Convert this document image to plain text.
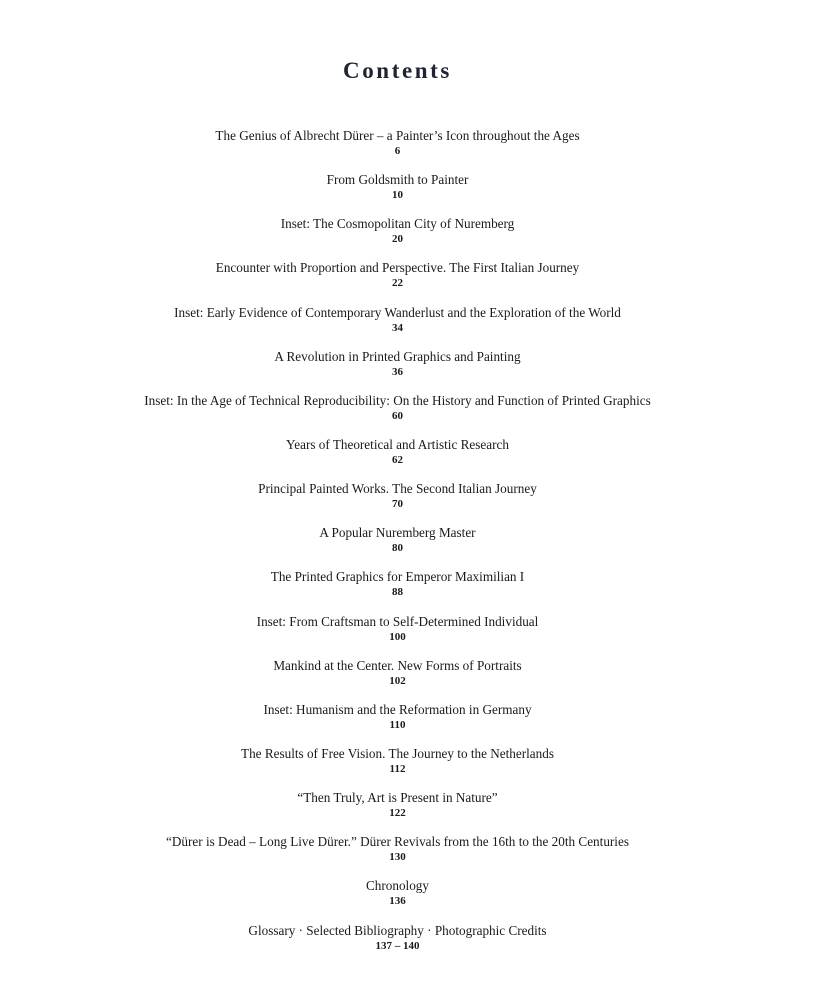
Contents
The Genius of Albrecht Dürer – a Painter’s Icon throughout the Ages
6
From Goldsmith to Painter
10
Inset: The Cosmopolitan City of Nuremberg
20
Encounter with Proportion and Perspective. The First Italian Journey
22
Inset: Early Evidence of Contemporary Wanderlust and the Exploration of the World
34
A Revolution in Printed Graphics and Painting
36
Inset: In the Age of Technical Reproducibility: On the History and Function of Printed Graphics
60
Years of Theoretical and Artistic Research
62
Principal Painted Works. The Second Italian Journey
70
A Popular Nuremberg Master
80
The Printed Graphics for Emperor Maximilian I
88
Inset: From Craftsman to Self-Determined Individual
100
Mankind at the Center. New Forms of Portraits
102
Inset: Humanism and the Reformation in Germany
110
The Results of Free Vision. The Journey to the Netherlands
112
“Then Truly, Art is Present in Nature”
122
“Dürer is Dead – Long Live Dürer.” Dürer Revivals from the 16th to the 20th Centuries
130
Chronology
136
Glossary · Selected Bibliography · Photographic Credits
137 – 140
